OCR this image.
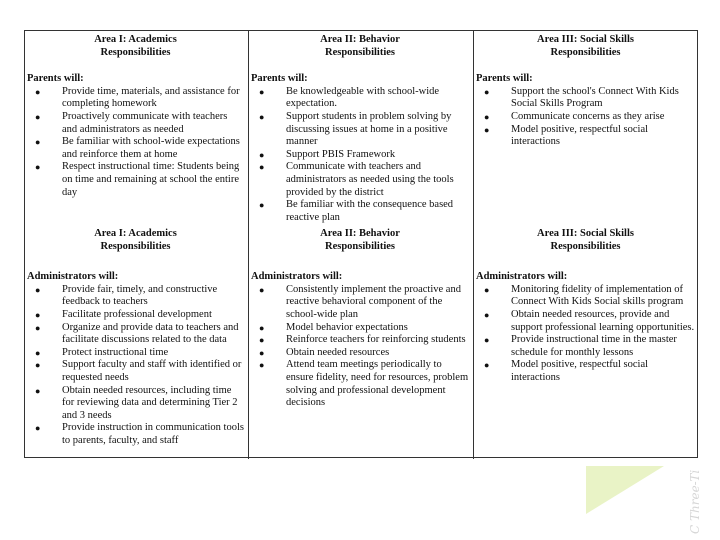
Area I: Academics
Responsibilities
Parents will:
● Provide time, materials, and assistance for completing homework
● Proactively communicate with teachers and administrators as needed
● Be familiar with school-wide expectations and reinforce them at home
● Respect instructional time: Students being on time and remaining at school the entire day
Area II: Behavior
Responsibilities
Parents will:
● Be knowledgeable with school-wide expectation.
● Support students in problem solving by discussing issues at home in a positive manner
● Support PBIS Framework
● Communicate with teachers and administrators as needed using the tools provided by the district
● Be familiar with the consequence based reactive plan
Area III: Social Skills
Responsibilities
Parents will:
● Support the school's Connect With Kids Social Skills Program
● Communicate concerns as they arise
● Model positive, respectful social interactions
Area I: Academics
Responsibilities
Administrators will:
● Provide fair, timely, and constructive feedback to teachers
● Facilitate professional development
● Organize and provide data to teachers and facilitate discussions related to the data
● Protect instructional time
● Support faculty and staff with identified or requested needs
● Obtain needed resources, including time for reviewing data and determining Tier 2 and 3 needs
● Provide instruction in communication tools to parents, faculty, and staff
Area II: Behavior
Responsibilities
Administrators will:
● Consistently implement the proactive and reactive behavioral component of the school-wide plan
● Model behavior expectations
● Reinforce teachers for reinforcing students
● Obtain needed resources
● Attend team meetings periodically to ensure fidelity, need for resources, problem solving and professional development decisions
Area III: Social Skills
Responsibilities
Administrators will:
● Monitoring fidelity of implementation of Connect With Kids Social skills program
● Obtain needed resources, provide and support professional learning opportunities.
● Provide instructional time in the master schedule for monthly lessons
● Model positive, respectful social interactions
C Three-Ti
